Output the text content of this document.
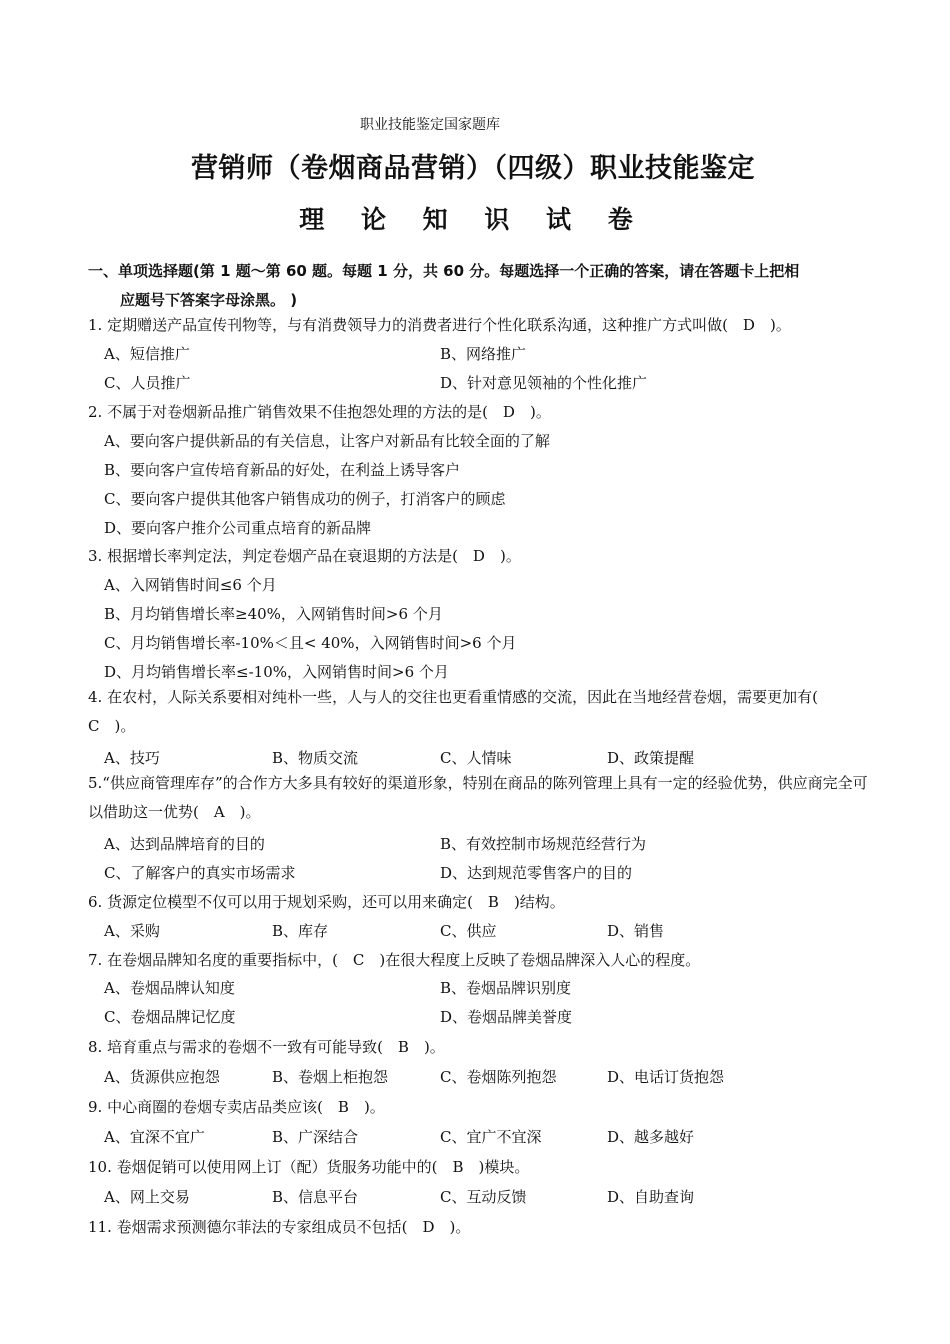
职业技能鉴定国家题库
营销师（卷烟商品营销）（四级）职业技能鉴定
理 论 知 识 试 卷
一、单项选择题(第 1 题～第 60 题。每题 1 分，共 60 分。每题选择一个正确的答案，请在答题卡上把相
应题号下答案字母涂黑。 )
1. 定期赠送产品宣传刊物等，与有消费领导力的消费者进行个性化联系沟通，这种推广方式叫做(　D　)。
A、短信推广	B、网络推广
C、人员推广	D、针对意见领袖的个性化推广
2. 不属于对卷烟新品推广销售效果不佳抱怨处理的方法的是(　D　)。
A、要向客户提供新品的有关信息，让客户对新品有比较全面的了解
B、要向客户宣传培育新品的好处，在利益上诱导客户
C、要向客户提供其他客户销售成功的例子，打消客户的顾虑
D、要向客户推介公司重点培育的新品牌
3. 根据增长率判定法，判定卷烟产品在衰退期的方法是(　D　)。
A、入网销售时间≤6 个月
B、月均销售增长率≥40%，入网销售时间>6 个月
C、月均销售增长率-10%＜且< 40%，入网销售时间>6 个月
D、月均销售增长率≤-10%，入网销售时间>6 个月
4. 在农村，人际关系要相对纯朴一些，人与人的交往也更看重情感的交流，因此在当地经营卷烟，需要更加有(　C　)。
A、技巧	B、物质交流	C、人情味	D、政策提醒
5.“供应商管理库存”的合作方大多具有较好的渠道形象，特别在商品的陈列管理上具有一定的经验优势，供应商完全可以借助这一优势(　A　)。
A、达到品牌培育的目的	B、有效控制市场规范经营行为
C、了解客户的真实市场需求	D、达到规范零售客户的目的
6. 货源定位模型不仅可以用于规划采购，还可以用来确定(　B　)结构。
A、采购	B、库存	C、供应	D、销售
7. 在卷烟品牌知名度的重要指标中，(　C　)在很大程度上反映了卷烟品牌深入人心的程度。
A、卷烟品牌认知度	B、卷烟品牌识别度
C、卷烟品牌记忆度	D、卷烟品牌美誉度
8. 培育重点与需求的卷烟不一致有可能导致(　B　)。
A、货源供应抱怨	B、卷烟上柜抱怨	C、卷烟陈列抱怨	D、电话订货抱怨
9. 中心商圈的卷烟专卖店品类应该(　B　)。
A、宜深不宜广	B、广深结合	C、宜广不宜深	D、越多越好
10. 卷烟促销可以使用网上订（配）货服务功能中的(　B　)模块。
A、网上交易	B、信息平台	C、互动反馈	D、自助查询
11. 卷烟需求预测德尔菲法的专家组成员不包括(　D　)。
